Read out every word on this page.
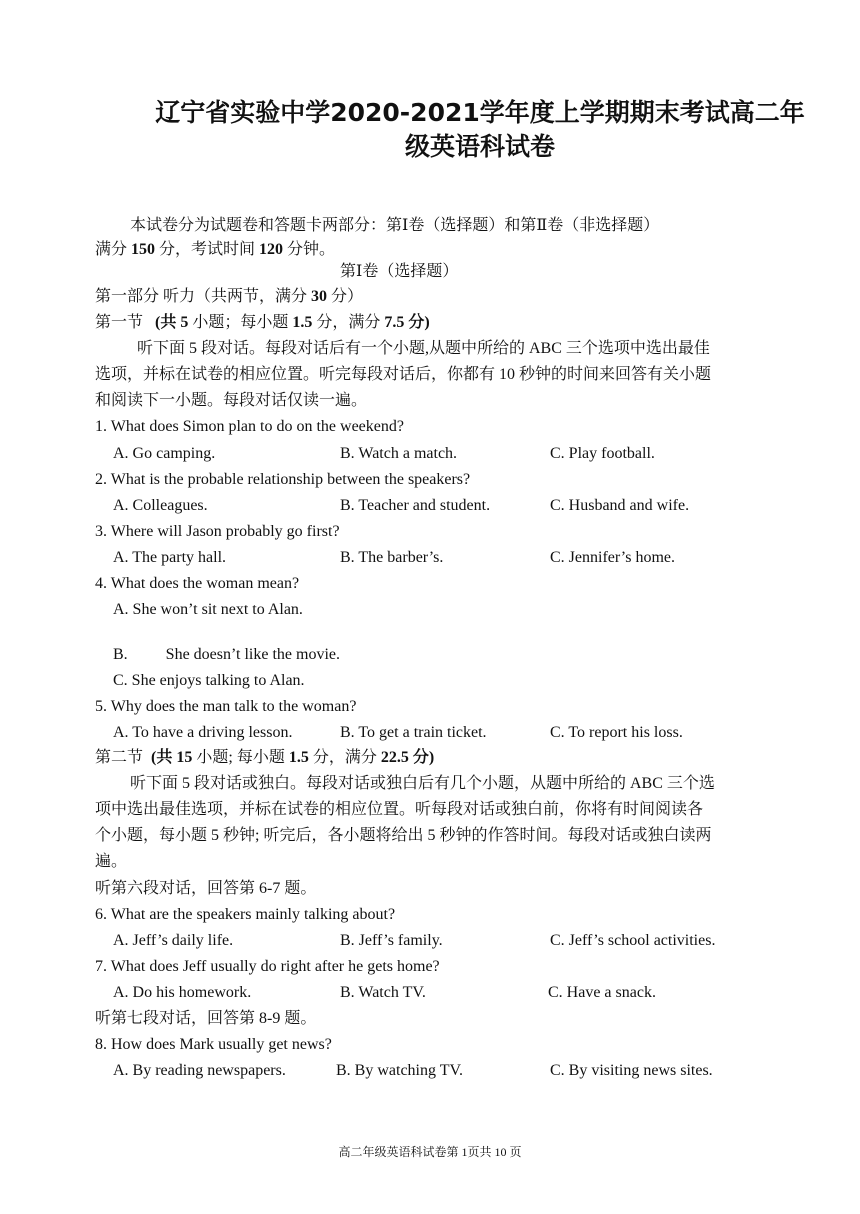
辽宁省实验中学2020-2021学年度上学期期末考试高二年
级英语科试卷
本试卷分为试题卷和答题卡两部分：第Ⅰ卷（选择题）和第Ⅱ卷（非选择题）
满分 150 分，考试时间 120 分钟。
第Ⅰ卷（选择题）
第一部分 听力（共两节，满分 30 分）
第一节 (共 5 小题；每小题 1.5 分，满分 7.5 分)
听下面 5 段对话。每段对话后有一个小题,从题中所给的 ABC 三个选项中选出最佳
选项，并标在试卷的相应位置。听完每段对话后，你都有 10 秒钟的时间来回答有关小题
和阅读下一小题。每段对话仅读一遍。
1. What does Simon plan to do on the weekend?
A. Go camping.	B. Watch a match.	C. Play football.
2. What is the probable relationship between the speakers?
A. Colleagues.	B. Teacher and student.	C. Husband and wife.
3. Where will Jason probably go first?
A. The party hall.	B. The barber’s.	C. Jennifer’s home.
4. What does the woman mean?
A. She won’t sit next to Alan.
B. She doesn’t like the movie.
C. She enjoys talking to Alan.
5. Why does the man talk to the woman?
A. To have a driving lesson.	B. To get a train ticket.	C. To report his loss.
第二节 (共 15 小题; 每小题 1.5 分，满分 22.5 分)
听下面 5 段对话或独白。每段对话或独白后有几个小题，从题中所给的 ABC 三个选
项中选出最佳选项，并标在试卷的相应位置。听每段对话或独白前，你将有时间阅读各
个小题，每小题 5 秒钟; 听完后，各小题将给出 5 秒钟的作答时间。每段对话或独白读两
遍。
听第六段对话，回答第 6-7 题。
6. What are the speakers mainly talking about?
A. Jeff’s daily life.	B. Jeff’s family.	C. Jeff’s school activities.
7. What does Jeff usually do right after he gets home?
A. Do his homework.	B. Watch TV.	C. Have a snack.
听第七段对话，回答第 8-9 题。
8. How does Mark usually get news?
A. By reading newspapers.	B. By watching TV.	C. By visiting news sites.
高二年级英语科试卷第 1页共 10 页
